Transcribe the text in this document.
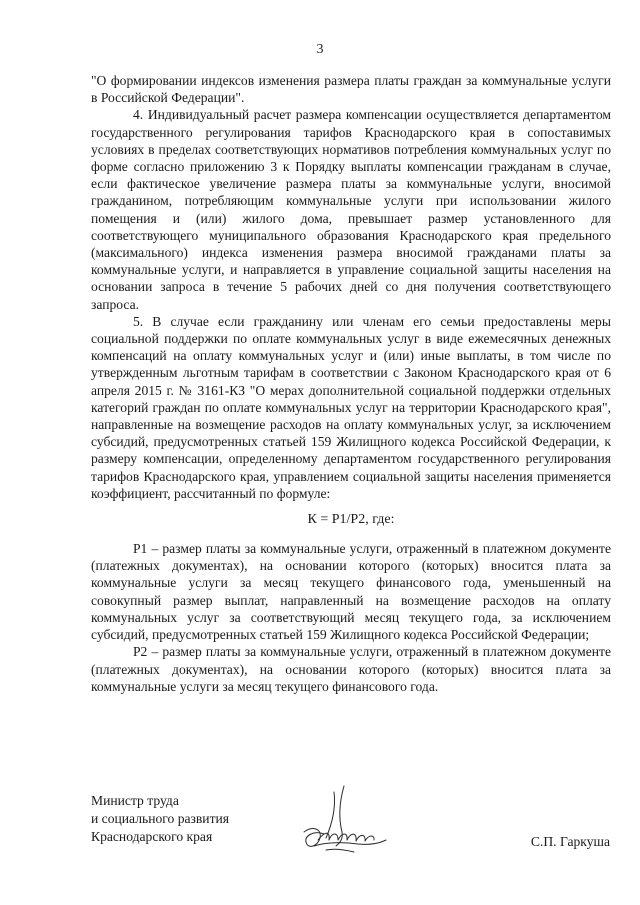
3

"О формировании индексов изменения размера платы граждан за коммунальные услуги в Российской Федерации".

4. Индивидуальный расчет размера компенсации осуществляется департаментом государственного регулирования тарифов Краснодарского края в сопоставимых условиях в пределах соответствующих нормативов потребления коммунальных услуг по форме согласно приложению 3 к Порядку выплаты компенсации гражданам в случае, если фактическое увеличение размера платы за коммунальные услуги, вносимой гражданином, потребляющим коммунальные услуги при использовании жилого помещения и (или) жилого дома, превышает размер установленного для соответствующего муниципального образования Краснодарского края предельного (максимального) индекса изменения размера вносимой гражданами платы за коммунальные услуги, и направляется в управление социальной защиты населения на основании запроса в течение 5 рабочих дней со дня получения соответствующего запроса.

5. В случае если гражданину или членам его семьи предоставлены меры социальной поддержки по оплате коммунальных услуг в виде ежемесячных денежных компенсаций на оплату коммунальных услуг и (или) иные выплаты, в том числе по утвержденным льготным тарифам в соответствии с Законом Краснодарского края от 6 апреля 2015 г. № 3161-КЗ "О мерах дополнительной социальной поддержки отдельных категорий граждан по оплате коммунальных услуг на территории Краснодарского края", направленные на возмещение расходов на оплату коммунальных услуг, за исключением субсидий, предусмотренных статьей 159 Жилищного кодекса Российской Федерации, к размеру компенсации, определенному департаментом государственного регулирования тарифов Краснодарского края, управлением социальной защиты населения применяется коэффициент, рассчитанный по формуле:

К = Р1/Р2, где:

Р1 – размер платы за коммунальные услуги, отраженный в платежном документе (платежных документах), на основании которого (которых) вносится плата за коммунальные услуги за месяц текущего финансового года, уменьшенный на совокупный размер выплат, направленный на возмещение расходов на оплату коммунальных услуг за соответствующий месяц текущего года, за исключением субсидий, предусмотренных статьей 159 Жилищного кодекса Российской Федерации;

Р2 – размер платы за коммунальные услуги, отраженный в платежном документе (платежных документах), на основании которого (которых) вносится плата за коммунальные услуги за месяц текущего финансового года.

Министр труда
и социального развития
Краснодарского края	С.П. Гаркуша
